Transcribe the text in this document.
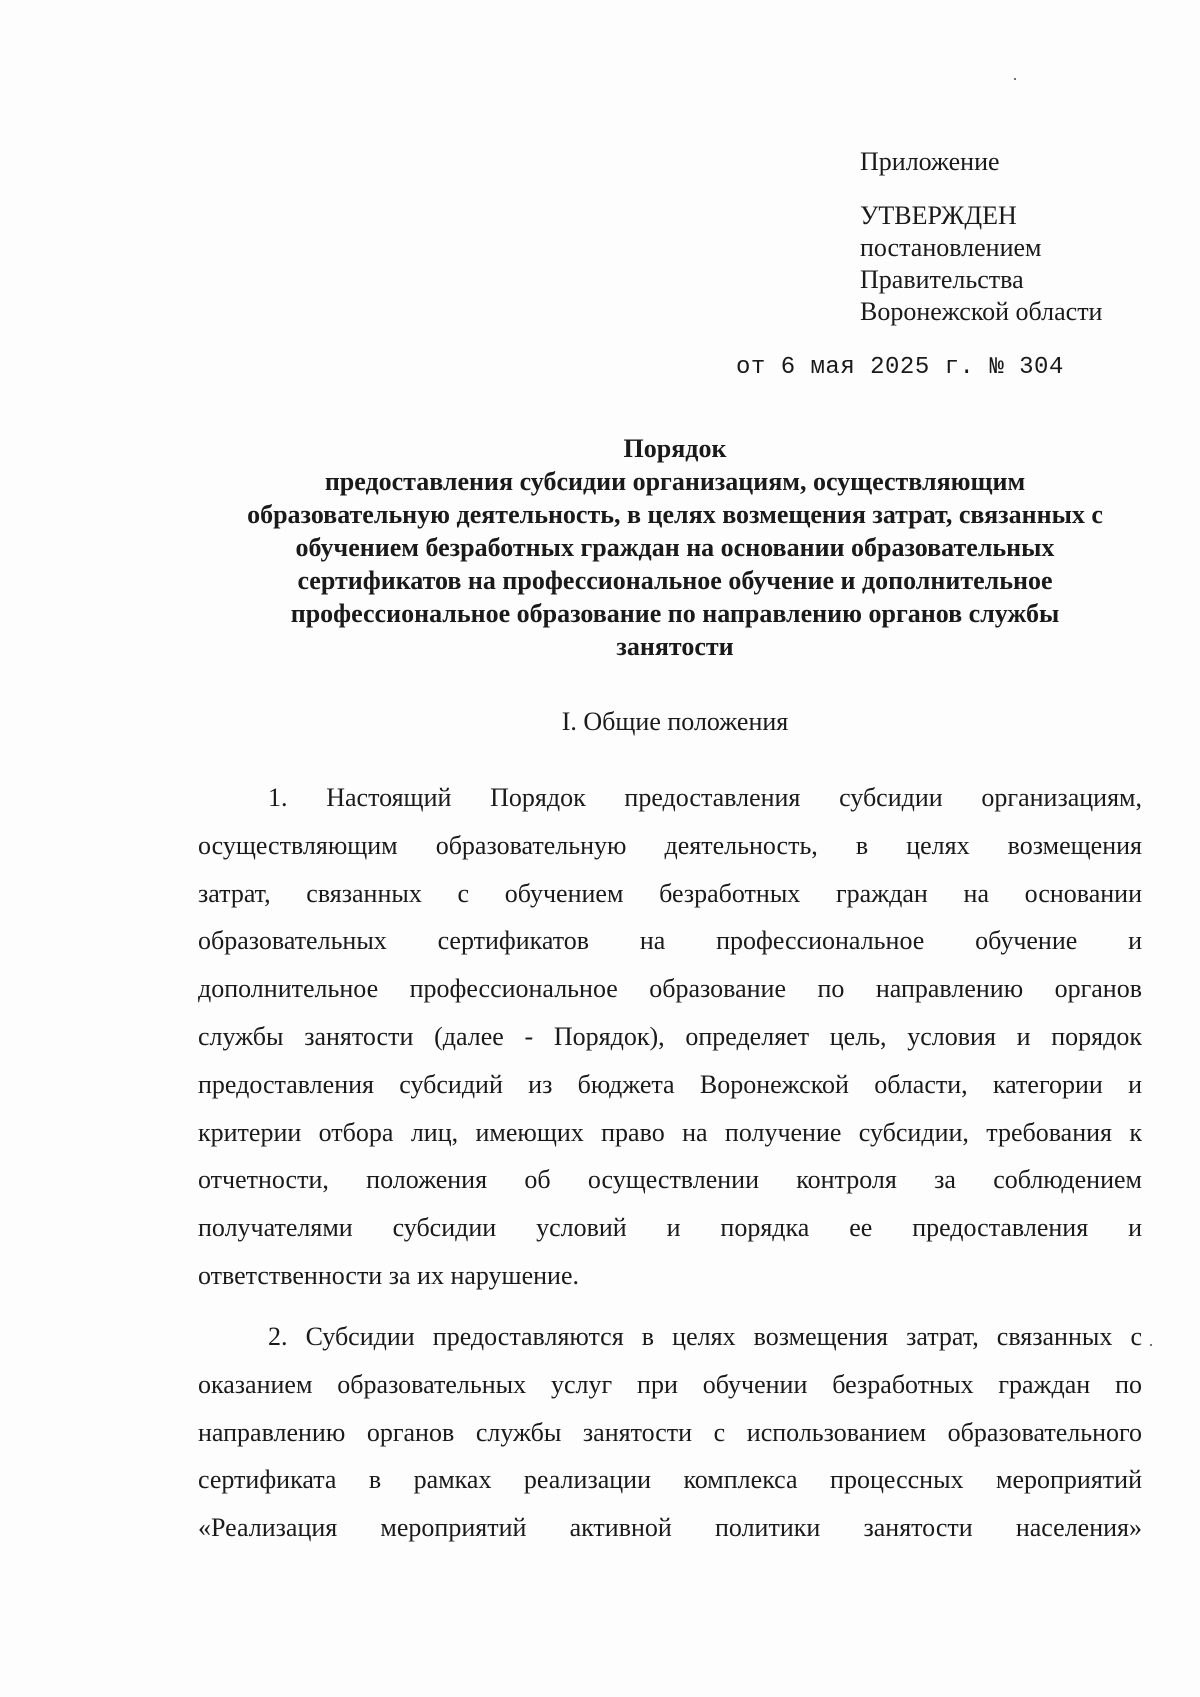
Приложение
УТВЕРЖДЕН
постановлением
Правительства
Воронежской области
от 6 мая 2025 г. № 304
Порядок
предоставления субсидии организациям, осуществляющим
образовательную деятельность, в целях возмещения затрат, связанных с
обучением безработных граждан на основании образовательных
сертификатов на профессиональное обучение и дополнительное
профессиональное образование по направлению органов службы
занятости
I. Общие положения
1. Настоящий Порядок предоставления субсидии организациям,
осуществляющим образовательную деятельность, в целях возмещения
затрат, связанных с обучением безработных граждан на основании
образовательных сертификатов на профессиональное обучение и
дополнительное профессиональное образование по направлению органов
службы занятости (далее - Порядок), определяет цель, условия и порядок
предоставления субсидий из бюджета Воронежской области, категории и
критерии отбора лиц, имеющих право на получение субсидии, требования к
отчетности, положения об осуществлении контроля за соблюдением
получателями субсидии условий и порядка ее предоставления и
ответственности за их нарушение.
2. Субсидии предоставляются в целях возмещения затрат, связанных с
оказанием образовательных услуг при обучении безработных граждан по
направлению органов службы занятости с использованием образовательного
сертификата в рамках реализации комплекса процессных мероприятий
«Реализация мероприятий активной политики занятости населения»
